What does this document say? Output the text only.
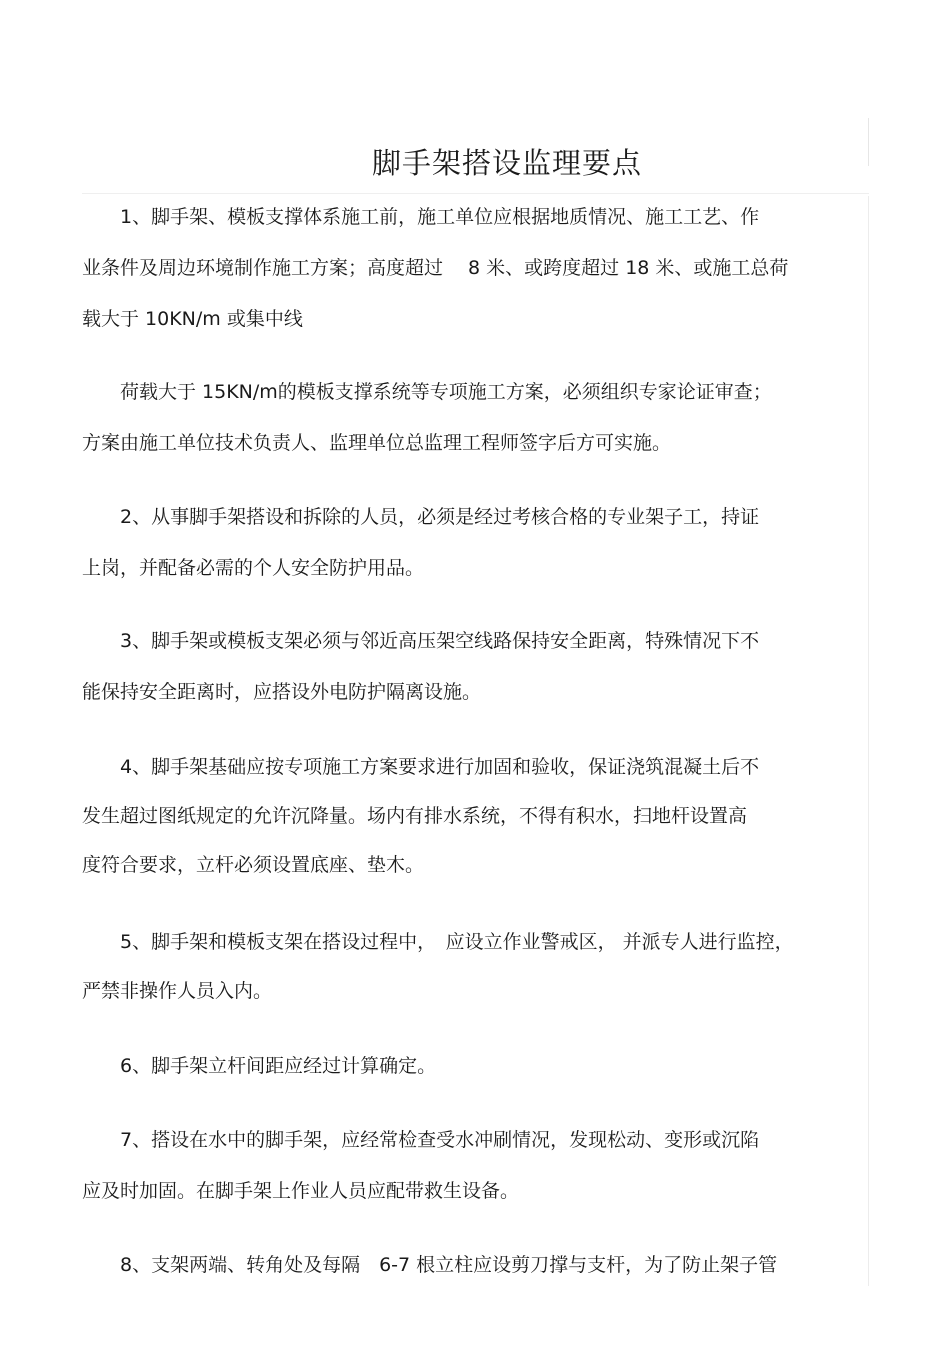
脚手架搭设监理要点
1、脚手架、模板支撑体系施工前，施工单位应根据地质情况、施工工艺、作
业条件及周边环境制作施工方案；高度超过　 8 米、或跨度超过 18 米、或施工总荷
载大于 10KN/m 或集中线
荷载大于 15KN/m的模板支撑系统等专项施工方案，必须组织专家论证审查；
方案由施工单位技术负责人、监理单位总监理工程师签字后方可实施。
2、从事脚手架搭设和拆除的人员，必须是经过考核合格的专业架子工，持证
上岗，并配备必需的个人安全防护用品。
3、脚手架或模板支架必须与邻近高压架空线路保持安全距离，特殊情况下不
能保持安全距离时，应搭设外电防护隔离设施。
4、脚手架基础应按专项施工方案要求进行加固和验收，保证浇筑混凝土后不
发生超过图纸规定的允许沉降量。场内有排水系统，不得有积水，扫地杆设置高
度符合要求，立杆必须设置底座、垫木。
5、脚手架和模板支架在搭设过程中，　应设立作业警戒区， 并派专人进行监控，
严禁非操作人员入内。
6、脚手架立杆间距应经过计算确定。
7、搭设在水中的脚手架，应经常检查受水冲刷情况，发现松动、变形或沉陷
应及时加固。在脚手架上作业人员应配带救生设备。
8、支架两端、转角处及每隔　6-7 根立柱应设剪刀撑与支杆，为了防止架子管
